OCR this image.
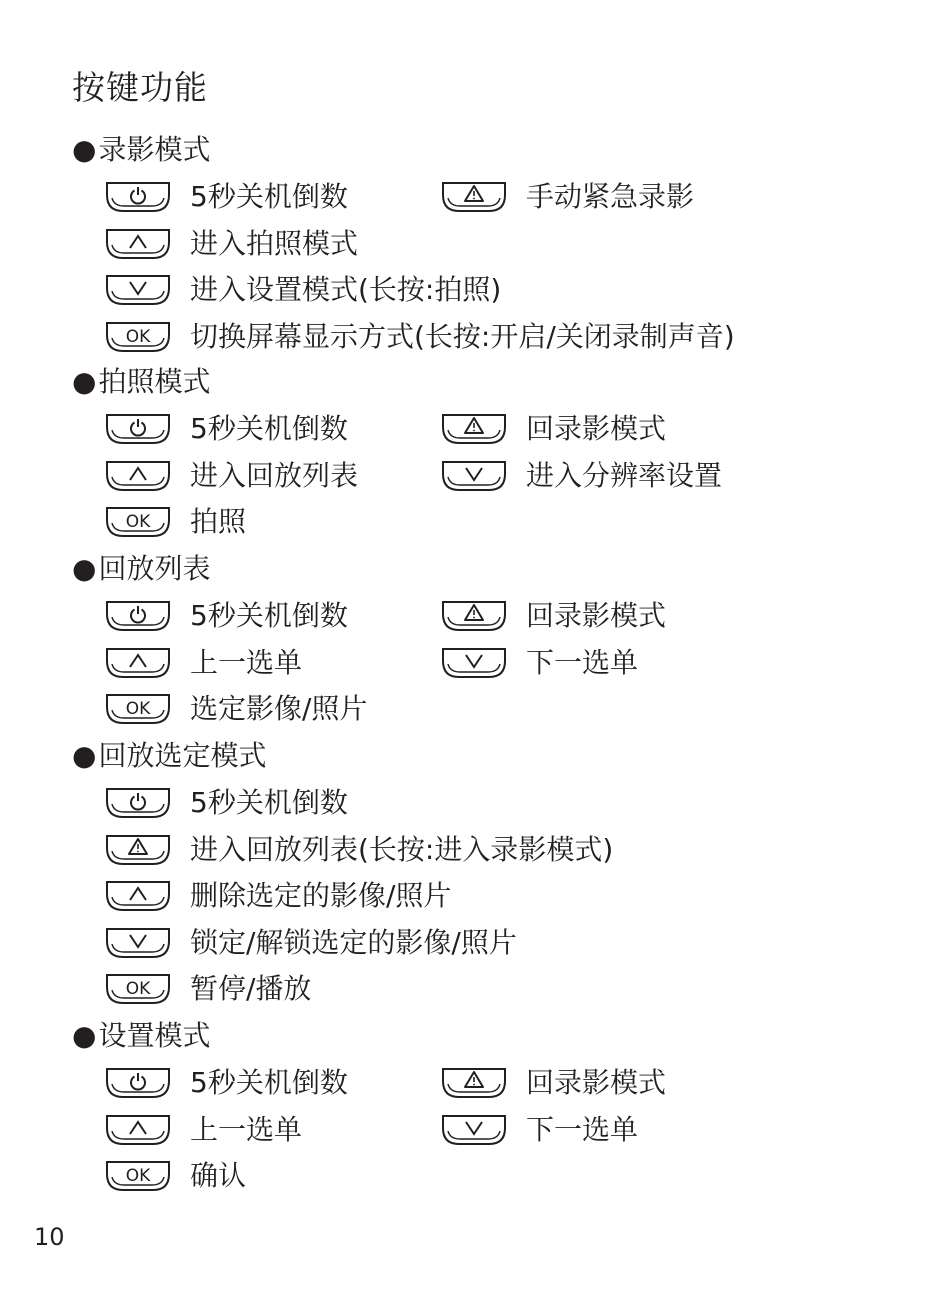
按键功能
●录影模式
5秒关机倒数	手动紧急录影
进入拍照模式
进入设置模式(长按:拍照)
OK 切换屏幕显示方式(长按:开启/关闭录制声音)
●拍照模式
5秒关机倒数	回录影模式
进入回放列表	进入分辨率设置
OK 拍照
●回放列表
5秒关机倒数	回录影模式
上一选单	下一选单
OK 选定影像/照片
●回放选定模式
5秒关机倒数
进入回放列表(长按:进入录影模式)
删除选定的影像/照片
锁定/解锁选定的影像/照片
OK 暂停/播放
●设置模式
5秒关机倒数	回录影模式
上一选单	下一选单
OK 确认
10
